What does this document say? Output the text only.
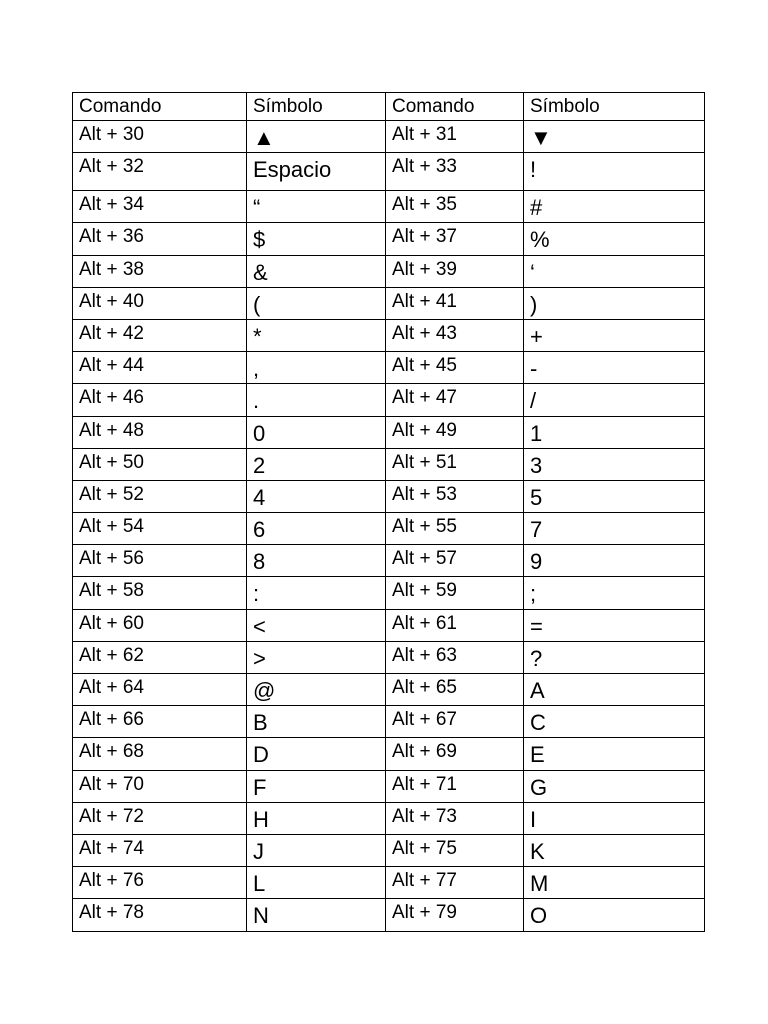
Comando	Símbolo	Comando	Símbolo
Alt + 30	▲	Alt + 31	▼
Alt + 32	Espacio	Alt + 33	!
Alt + 34	“	Alt + 35	#
Alt + 36	$	Alt + 37	%
Alt + 38	&	Alt + 39	‘
Alt + 40	(	Alt + 41	)
Alt + 42	*	Alt + 43	+
Alt + 44	,	Alt + 45	-
Alt + 46	.	Alt + 47	/
Alt + 48	0	Alt + 49	1
Alt + 50	2	Alt + 51	3
Alt + 52	4	Alt + 53	5
Alt + 54	6	Alt + 55	7
Alt + 56	8	Alt + 57	9
Alt + 58	:	Alt + 59	;
Alt + 60	<	Alt + 61	=
Alt + 62	>	Alt + 63	?
Alt + 64	@	Alt + 65	A
Alt + 66	B	Alt + 67	C
Alt + 68	D	Alt + 69	E
Alt + 70	F	Alt + 71	G
Alt + 72	H	Alt + 73	I
Alt + 74	J	Alt + 75	K
Alt + 76	L	Alt + 77	M
Alt + 78	N	Alt + 79	O
